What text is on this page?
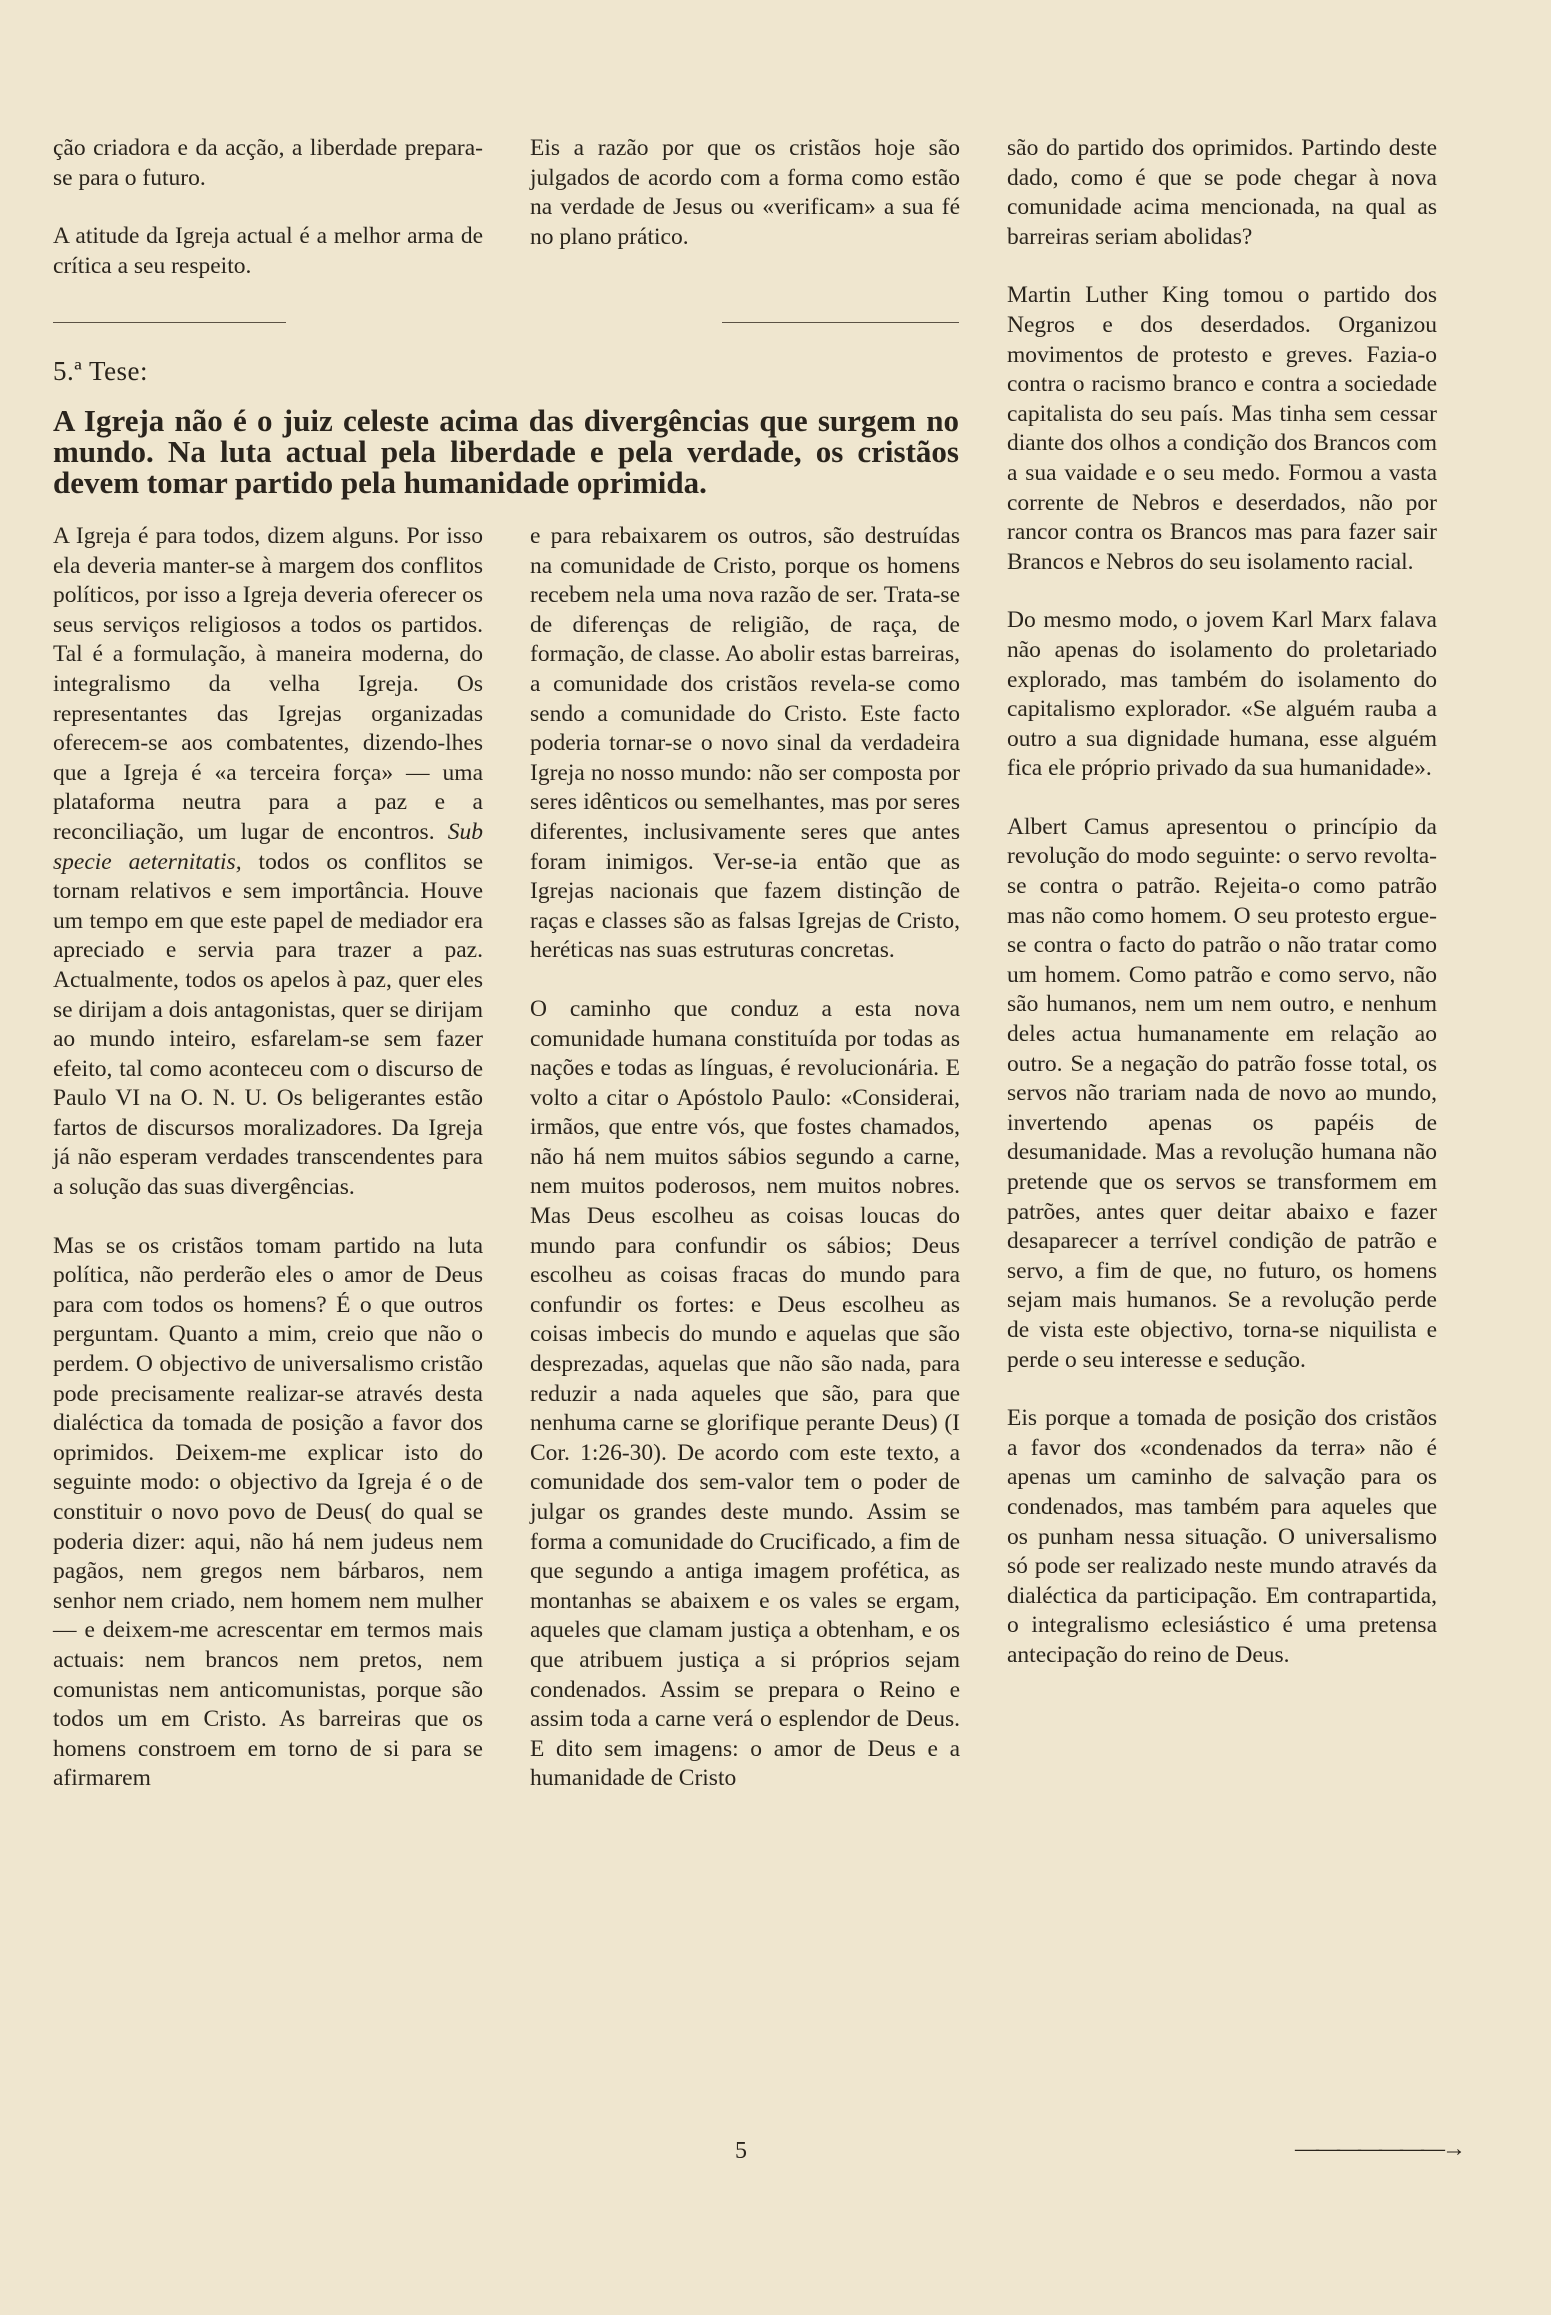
ção criadora e da acção, a liberdade prepara-se para o futuro.

A atitude da Igreja actual é a melhor arma de crítica a seu respeito.

Eis a razão por que os cristãos hoje são julgados de acordo com a forma como estão na verdade de Jesus ou «verificam» a sua fé no plano prático.

5.ª Tese:

A Igreja não é o juiz celeste acima das divergências que surgem no mundo. Na luta actual pela liberdade e pela verdade, os cristãos devem tomar partido pela humanidade oprimida.

A Igreja é para todos, dizem alguns. Por isso ela deveria manter-se à margem dos conflitos políticos, por isso a Igreja deveria oferecer os seus serviços religiosos a todos os partidos. Tal é a formulação, à maneira moderna, do integralismo da velha Igreja. Os representantes das Igrejas organizadas oferecem-se aos combatentes, dizendo-lhes que a Igreja é «a terceira força» — uma plataforma neutra para a paz e a reconciliação, um lugar de encontros. Sub specie aeternitatis, todos os conflitos se tornam relativos e sem importância. Houve um tempo em que este papel de mediador era apreciado e servia para trazer a paz. Actualmente, todos os apelos à paz, quer eles se dirijam a dois antagonistas, quer se dirijam ao mundo inteiro, esfarelam-se sem fazer efeito, tal como aconteceu com o discurso de Paulo VI na O. N. U. Os beligerantes estão fartos de discursos moralizadores. Da Igreja já não esperam verdades transcendentes para a solução das suas divergências.

Mas se os cristãos tomam partido na luta política, não perderão eles o amor de Deus para com todos os homens? É o que outros perguntam. Quanto a mim, creio que não o perdem. O objectivo de universalismo cristão pode precisamente realizar-se através desta dialéctica da tomada de posição a favor dos oprimidos. Deixem-me explicar isto do seguinte modo: o objectivo da Igreja é o de constituir o novo povo de Deus( do qual se poderia dizer: aqui, não há nem judeus nem pagãos, nem gregos nem bárbaros, nem senhor nem criado, nem homem nem mulher — e deixem-me acrescentar em termos mais actuais: nem brancos nem pretos, nem comunistas nem anticomunistas, porque são todos um em Cristo. As barreiras que os homens constroem em torno de si para se afirmarem

e para rebaixarem os outros, são destruídas na comunidade de Cristo, porque os homens recebem nela uma nova razão de ser. Trata-se de diferenças de religião, de raça, de formação, de classe. Ao abolir estas barreiras, a comunidade dos cristãos revela-se como sendo a comunidade do Cristo. Este facto poderia tornar-se o novo sinal da verdadeira Igreja no nosso mundo: não ser composta por seres idênticos ou semelhantes, mas por seres diferentes, inclusivamente seres que antes foram inimigos. Ver-se-ia então que as Igrejas nacionais que fazem distinção de raças e classes são as falsas Igrejas de Cristo, heréticas nas suas estruturas concretas.

O caminho que conduz a esta nova comunidade humana constituída por todas as nações e todas as línguas, é revolucionária. E volto a citar o Apóstolo Paulo: «Considerai, irmãos, que entre vós, que fostes chamados, não há nem muitos sábios segundo a carne, nem muitos poderosos, nem muitos nobres. Mas Deus escolheu as coisas loucas do mundo para confundir os sábios; Deus escolheu as coisas fracas do mundo para confundir os fortes: e Deus escolheu as coisas imbecis do mundo e aquelas que são desprezadas, aquelas que não são nada, para reduzir a nada aqueles que são, para que nenhuma carne se glorifique perante Deus) (I Cor. 1:26-30). De acordo com este texto, a comunidade dos sem-valor tem o poder de julgar os grandes deste mundo. Assim se forma a comunidade do Crucificado, a fim de que segundo a antiga imagem profética, as montanhas se abaixem e os vales se ergam, aqueles que clamam justiça a obtenham, e os que atribuem justiça a si próprios sejam condenados. Assim se prepara o Reino e assim toda a carne verá o esplendor de Deus. E dito sem imagens: o amor de Deus e a humanidade de Cristo

são do partido dos oprimidos. Partindo deste dado, como é que se pode chegar à nova comunidade acima mencionada, na qual as barreiras seriam abolidas?

Martin Luther King tomou o partido dos Negros e dos deserdados. Organizou movimentos de protesto e greves. Fazia-o contra o racismo branco e contra a sociedade capitalista do seu país. Mas tinha sem cessar diante dos olhos a condição dos Brancos com a sua vaidade e o seu medo. Formou a vasta corrente de Nebros e deserdados, não por rancor contra os Brancos mas para fazer sair Brancos e Nebros do seu isolamento racial.

Do mesmo modo, o jovem Karl Marx falava não apenas do isolamento do proletariado explorado, mas também do isolamento do capitalismo explorador. «Se alguém rauba a outro a sua dignidade humana, esse alguém fica ele próprio privado da sua humanidade».

Albert Camus apresentou o princípio da revolução do modo seguinte: o servo revolta-se contra o patrão. Rejeita-o como patrão mas não como homem. O seu protesto ergue-se contra o facto do patrão o não tratar como um homem. Como patrão e como servo, não são humanos, nem um nem outro, e nenhum deles actua humanamente em relação ao outro. Se a negação do patrão fosse total, os servos não trariam nada de novo ao mundo, invertendo apenas os papéis de desumanidade. Mas a revolução humana não pretende que os servos se transformem em patrões, antes quer deitar abaixo e fazer desaparecer a terrível condição de patrão e servo, a fim de que, no futuro, os homens sejam mais humanos. Se a revolução perde de vista este objectivo, torna-se niquilista e perde o seu interesse e sedução.

Eis porque a tomada de posição dos cristãos a favor dos «condenados da terra» não é apenas um caminho de salvação para os condenados, mas também para aqueles que os punham nessa situação. O universalismo só pode ser realizado neste mundo através da dialéctica da participação. Em contrapartida, o integralismo eclesiástico é uma pretensa antecipação do reino de Deus.

5	———————→
